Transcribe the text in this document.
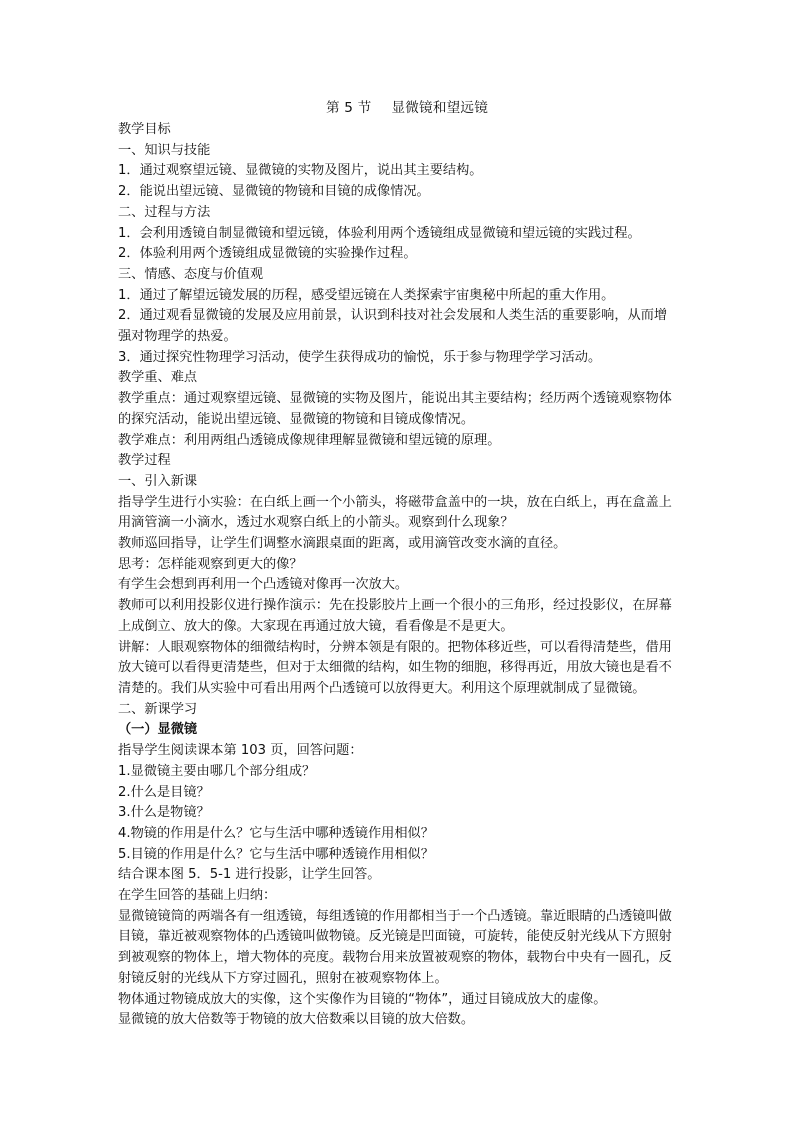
第 5 节 显微镜和望远镜

教学目标

一、知识与技能

1．通过观察望远镜、显微镜的实物及图片，说出其主要结构。

2．能说出望远镜、显微镜的物镜和目镜的成像情况。

二、过程与方法

1．会利用透镜自制显微镜和望远镜，体验利用两个透镜组成显微镜和望远镜的实践过程。

2．体验利用两个透镜组成显微镜的实验操作过程。

三、情感、态度与价值观

1．通过了解望远镜发展的历程，感受望远镜在人类探索宇宙奥秘中所起的重大作用。

2．通过观看显微镜的发展及应用前景，认识到科技对社会发展和人类生活的重要影响，从而增强对物理学的热爱。

3．通过探究性物理学习活动，使学生获得成功的愉悦，乐于参与物理学学习活动。

教学重、难点

教学重点：通过观察望远镜、显微镜的实物及图片，能说出其主要结构；经历两个透镜观察物体的探究活动，能说出望远镜、显微镜的物镜和目镜成像情况。

教学难点：利用两组凸透镜成像规律理解显微镜和望远镜的原理。

教学过程

一、引入新课

指导学生进行小实验：在白纸上画一个小箭头，将磁带盒盖中的一块，放在白纸上，再在盒盖上用滴管滴一小滴水，透过水观察白纸上的小箭头。观察到什么现象？

教师巡回指导，让学生们调整水滴跟桌面的距离，或用滴管改变水滴的直径。

思考：怎样能观察到更大的像？

有学生会想到再利用一个凸透镜对像再一次放大。

教师可以利用投影仪进行操作演示：先在投影胶片上画一个很小的三角形，经过投影仪，在屏幕上成倒立、放大的像。大家现在再通过放大镜，看看像是不是更大。

讲解：人眼观察物体的细微结构时，分辨本领是有限的。把物体移近些，可以看得清楚些，借用放大镜可以看得更清楚些，但对于太细微的结构，如生物的细胞，移得再近，用放大镜也是看不清楚的。我们从实验中可看出用两个凸透镜可以放得更大。利用这个原理就制成了显微镜。

二、新课学习

（一）显微镜

指导学生阅读课本第 103 页，回答问题：

1.显微镜主要由哪几个部分组成？

2.什么是目镜？

3.什么是物镜？

4.物镜的作用是什么？它与生活中哪种透镜作用相似？

5.目镜的作用是什么？它与生活中哪种透镜作用相似？

结合课本图 5．5-1 进行投影，让学生回答。

在学生回答的基础上归纳：

显微镜镜筒的两端各有一组透镜，每组透镜的作用都相当于一个凸透镜。靠近眼睛的凸透镜叫做目镜，靠近被观察物体的凸透镜叫做物镜。反光镜是凹面镜，可旋转，能使反射光线从下方照射到被观察的物体上，增大物体的亮度。载物台用来放置被观察的物体，载物台中央有一圆孔，反射镜反射的光线从下方穿过圆孔，照射在被观察物体上。

物体通过物镜成放大的实像，这个实像作为目镜的“物体”，通过目镜成放大的虚像。

显微镜的放大倍数等于物镜的放大倍数乘以目镜的放大倍数。
